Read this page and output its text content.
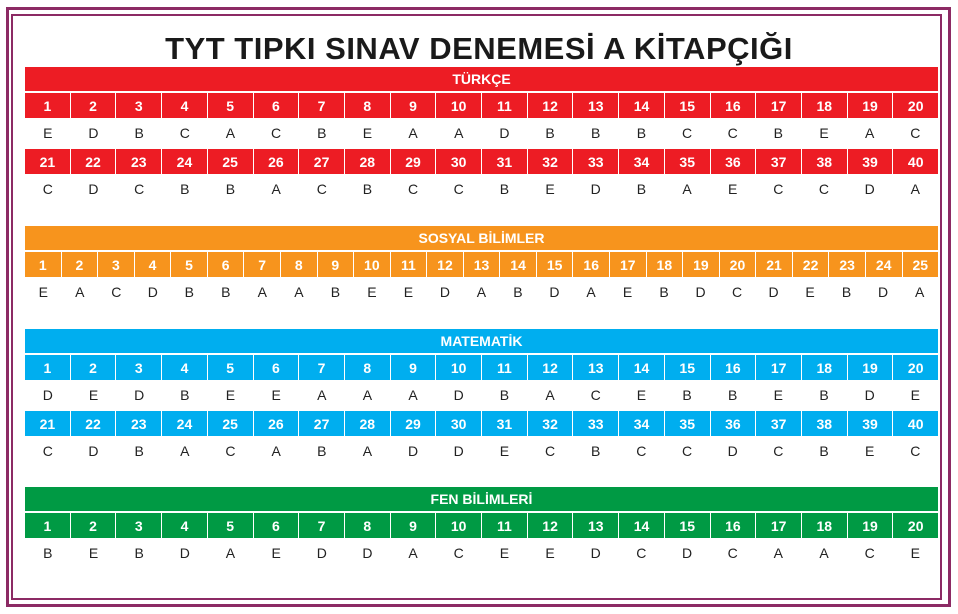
TYT TIPKI SINAV DENEMESİ A KİTAPÇIĞI
TÜRKÇE
1	2	3	4	5	6	7	8	9	10	11	12	13	14	15	16	17	18	19	20
E	D	B	C	A	C	B	E	A	A	D	B	B	B	C	C	B	E	A	C
21	22	23	24	25	26	27	28	29	30	31	32	33	34	35	36	37	38	39	40
C	D	C	B	B	A	C	B	C	C	B	E	D	B	A	E	C	C	D	A
SOSYAL BİLİMLER
1	2	3	4	5	6	7	8	9	10	11	12	13	14	15	16	17	18	19	20	21	22	23	24	25
E	A	C	D	B	B	A	A	B	E	E	D	A	B	D	A	E	B	D	C	D	E	B	D	A
MATEMATİK
1	2	3	4	5	6	7	8	9	10	11	12	13	14	15	16	17	18	19	20
D	E	D	B	E	E	A	A	A	D	B	A	C	E	B	B	E	B	D	E
21	22	23	24	25	26	27	28	29	30	31	32	33	34	35	36	37	38	39	40
C	D	B	A	C	A	B	A	D	D	E	C	B	C	C	D	C	B	E	C
FEN BİLİMLERİ
1	2	3	4	5	6	7	8	9	10	11	12	13	14	15	16	17	18	19	20
B	E	B	D	A	E	D	D	A	C	E	E	D	C	D	C	A	A	C	E
